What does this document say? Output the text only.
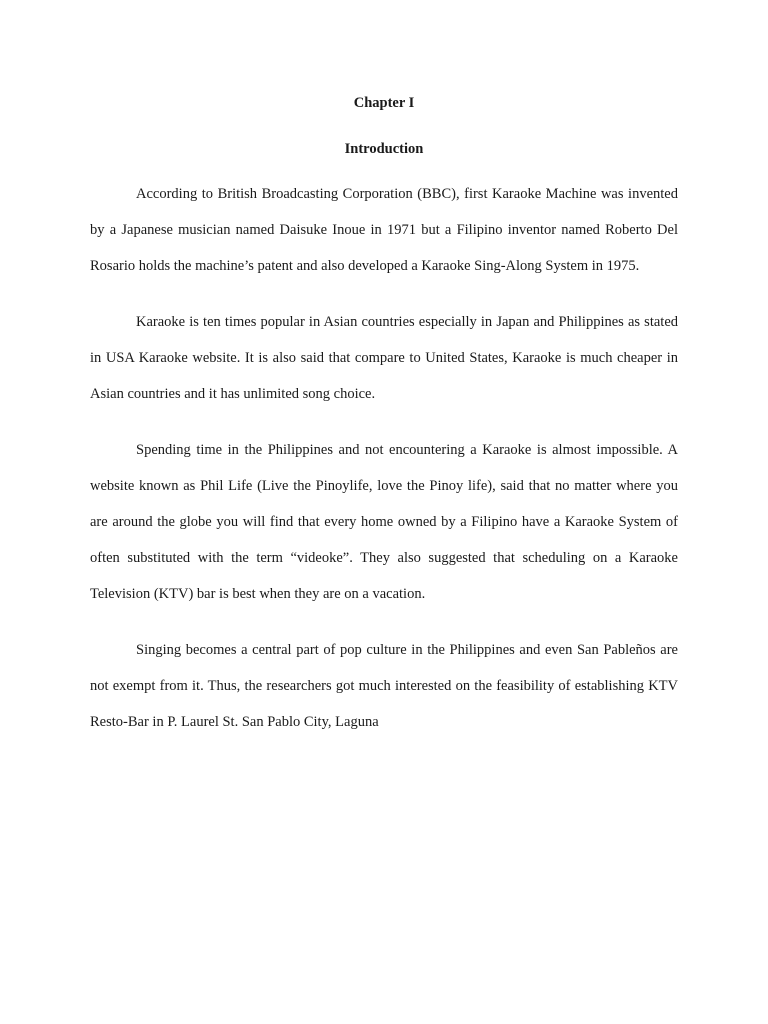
Chapter I
Introduction

According to British Broadcasting Corporation (BBC), first Karaoke Machine was invented by a Japanese musician named Daisuke Inoue in 1971 but a Filipino inventor named Roberto Del Rosario holds the machine’s patent and also developed a Karaoke Sing-Along System in 1975.

Karaoke is ten times popular in Asian countries especially in Japan and Philippines as stated in USA Karaoke website. It is also said that compare to United States, Karaoke is much cheaper in Asian countries and it has unlimited song choice.

Spending time in the Philippines and not encountering a Karaoke is almost impossible. A website known as Phil Life (Live the Pinoylife, love the Pinoy life), said that no matter where you are around the globe you will find that every home owned by a Filipino have a Karaoke System of often substituted with the term “videoke”. They also suggested that scheduling on a Karaoke Television (KTV) bar is best when they are on a vacation.

Singing becomes a central part of pop culture in the Philippines and even San Pableños are not exempt from it. Thus, the researchers got much interested on the feasibility of establishing KTV Resto-Bar in P. Laurel St. San Pablo City, Laguna
